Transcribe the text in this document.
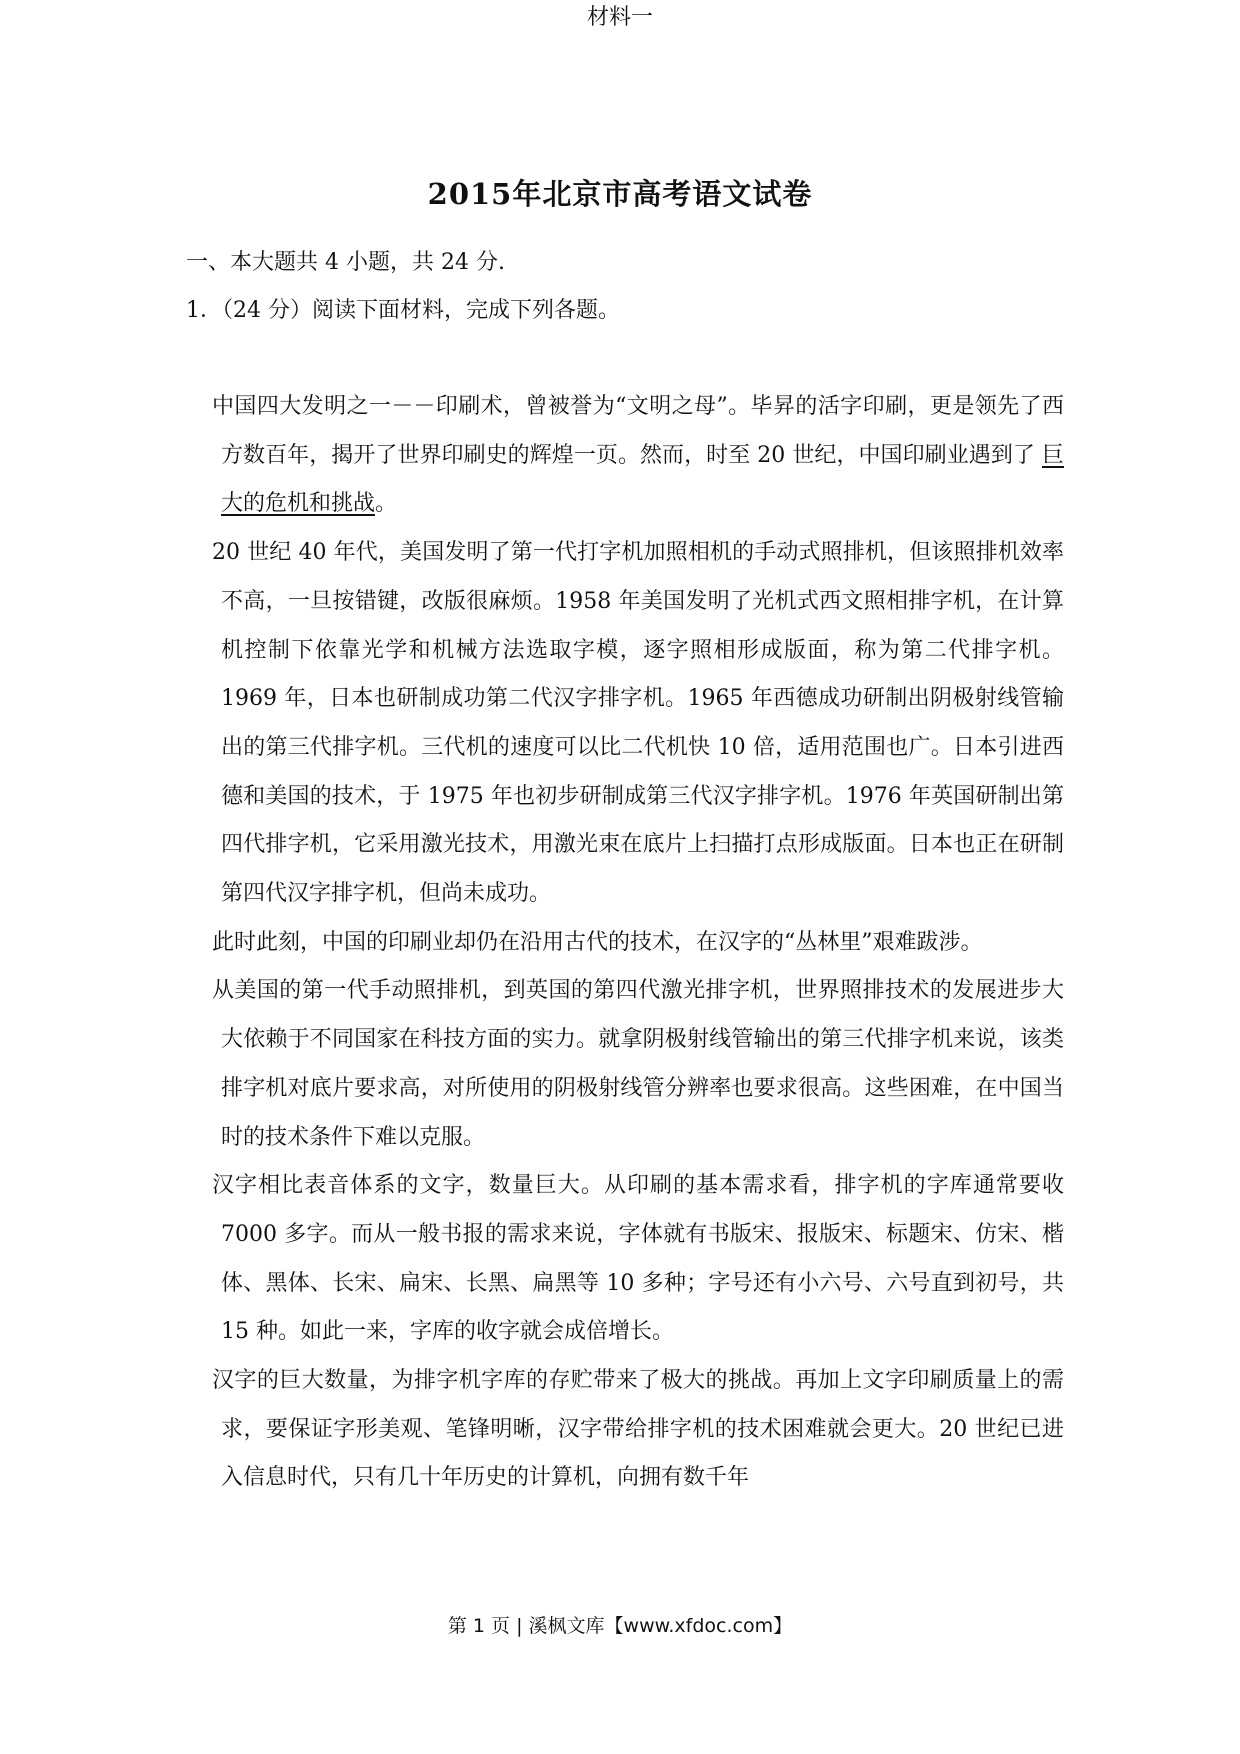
2015年北京市高考语文试卷
一、本大题共 4 小题，共 24 分.
1．（24 分）阅读下面材料，完成下列各题。
材料一

中国四大发明之一－－印刷术，曾被誉为“文明之母”。毕昇的活字印刷，更是领先了西方数百年，揭开了世界印刷史的辉煌一页。然而，时至 20 世纪，中国印刷业遇到了 巨大的危机和挑战。

20 世纪 40 年代，美国发明了第一代打字机加照相机的手动式照排机，但该照排机效率不高，一旦按错键，改版很麻烦。1958 年美国发明了光机式西文照相排字机，在计算机控制下依靠光学和机械方法选取字模，逐字照相形成版面，称为第二代排字机。1969 年，日本也研制成功第二代汉字排字机。1965 年西德成功研制出阴极射线管输出的第三代排字机。三代机的速度可以比二代机快 10 倍，适用范围也广。日本引进西德和美国的技术，于 1975 年也初步研制成第三代汉字排字机。1976 年英国研制出第四代排字机，它采用激光技术，用激光束在底片上扫描打点形成版面。日本也正在研制第四代汉字排字机，但尚未成功。

此时此刻，中国的印刷业却仍在沿用古代的技术，在汉字的“丛林里”艰难跋涉。

从美国的第一代手动照排机，到英国的第四代激光排字机，世界照排技术的发展进步大大依赖于不同国家在科技方面的实力。就拿阴极射线管输出的第三代排字机来说，该类排字机对底片要求高，对所使用的阴极射线管分辨率也要求很高。这些困难，在中国当时的技术条件下难以克服。

汉字相比表音体系的文字，数量巨大。从印刷的基本需求看，排字机的字库通常要收 7000 多字。而从一般书报的需求来说，字体就有书版宋、报版宋、标题宋、仿宋、楷体、黑体、长宋、扁宋、长黑、扁黑等 10 多种；字号还有小六号、六号直到初号，共 15 种。如此一来，字库的收字就会成倍增长。

汉字的巨大数量，为排字机字库的存贮带来了极大的挑战。再加上文字印刷质量上的需求，要保证字形美观、笔锋明晰，汉字带给排字机的技术困难就会更大。20 世纪已进入信息时代，只有几十年历史的计算机，向拥有数千年

第 1 页 | 溪枫文库【www.xfdoc.com】
